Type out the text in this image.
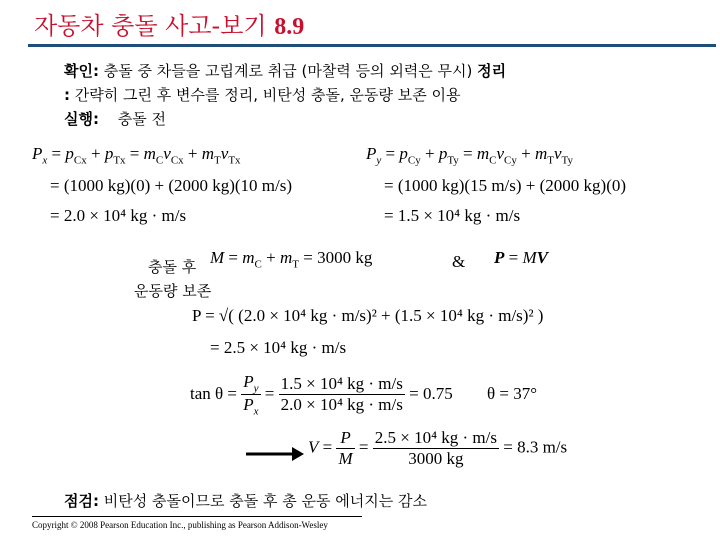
자동차 충돌 사고-보기 8.9
확인: 충돌 중 차들을 고립계로 취급 (마찰력 등의 외력은 무시) 정리
: 간략히 그린 후 변수를 정리, 비탄성 충돌, 운동량 보존 이용
실행: 충돌 전
$P_x = p_{Cx} + p_{Tx} = m_Cv_{Cx} + m_Tv_{Tx}$
= (1000 kg)(0) + (2000 kg)(10 m/s)
= 2.0 × 10⁴ kg · m/s
$P_y = p_{Cy} + p_{Ty} = m_Cv_{Cy} + m_Tv_{Ty}$
= (1000 kg)(15 m/s) + (2000 kg)(0)
= 1.5 × 10⁴ kg · m/s
충돌 후
운동량 보존
$M = m_C + m_T = 3000$ kg	& P = MV
P = √( (2.0 × 10⁴ kg · m/s)² + (1.5 × 10⁴ kg · m/s)² )
= 2.5 × 10⁴ kg · m/s
$\tan \theta = \frac{P_y}{P_x} = \frac{\text{1.5 × 10⁴ kg · m/s}}{\text{2.0 × 10⁴ kg · m/s}} = 0.75$ θ = 37°
$V = \frac{P}{M} = \frac{\text{2.5 × 10⁴ kg · m/s}}{3000 kg} = 8.3$ m/s
점검: 비탄성 충돌이므로 충돌 후 총 운동 에너지는 감소
Copyright © 2008 Pearson Education Inc., publishing as Pearson Addison-Wesley
